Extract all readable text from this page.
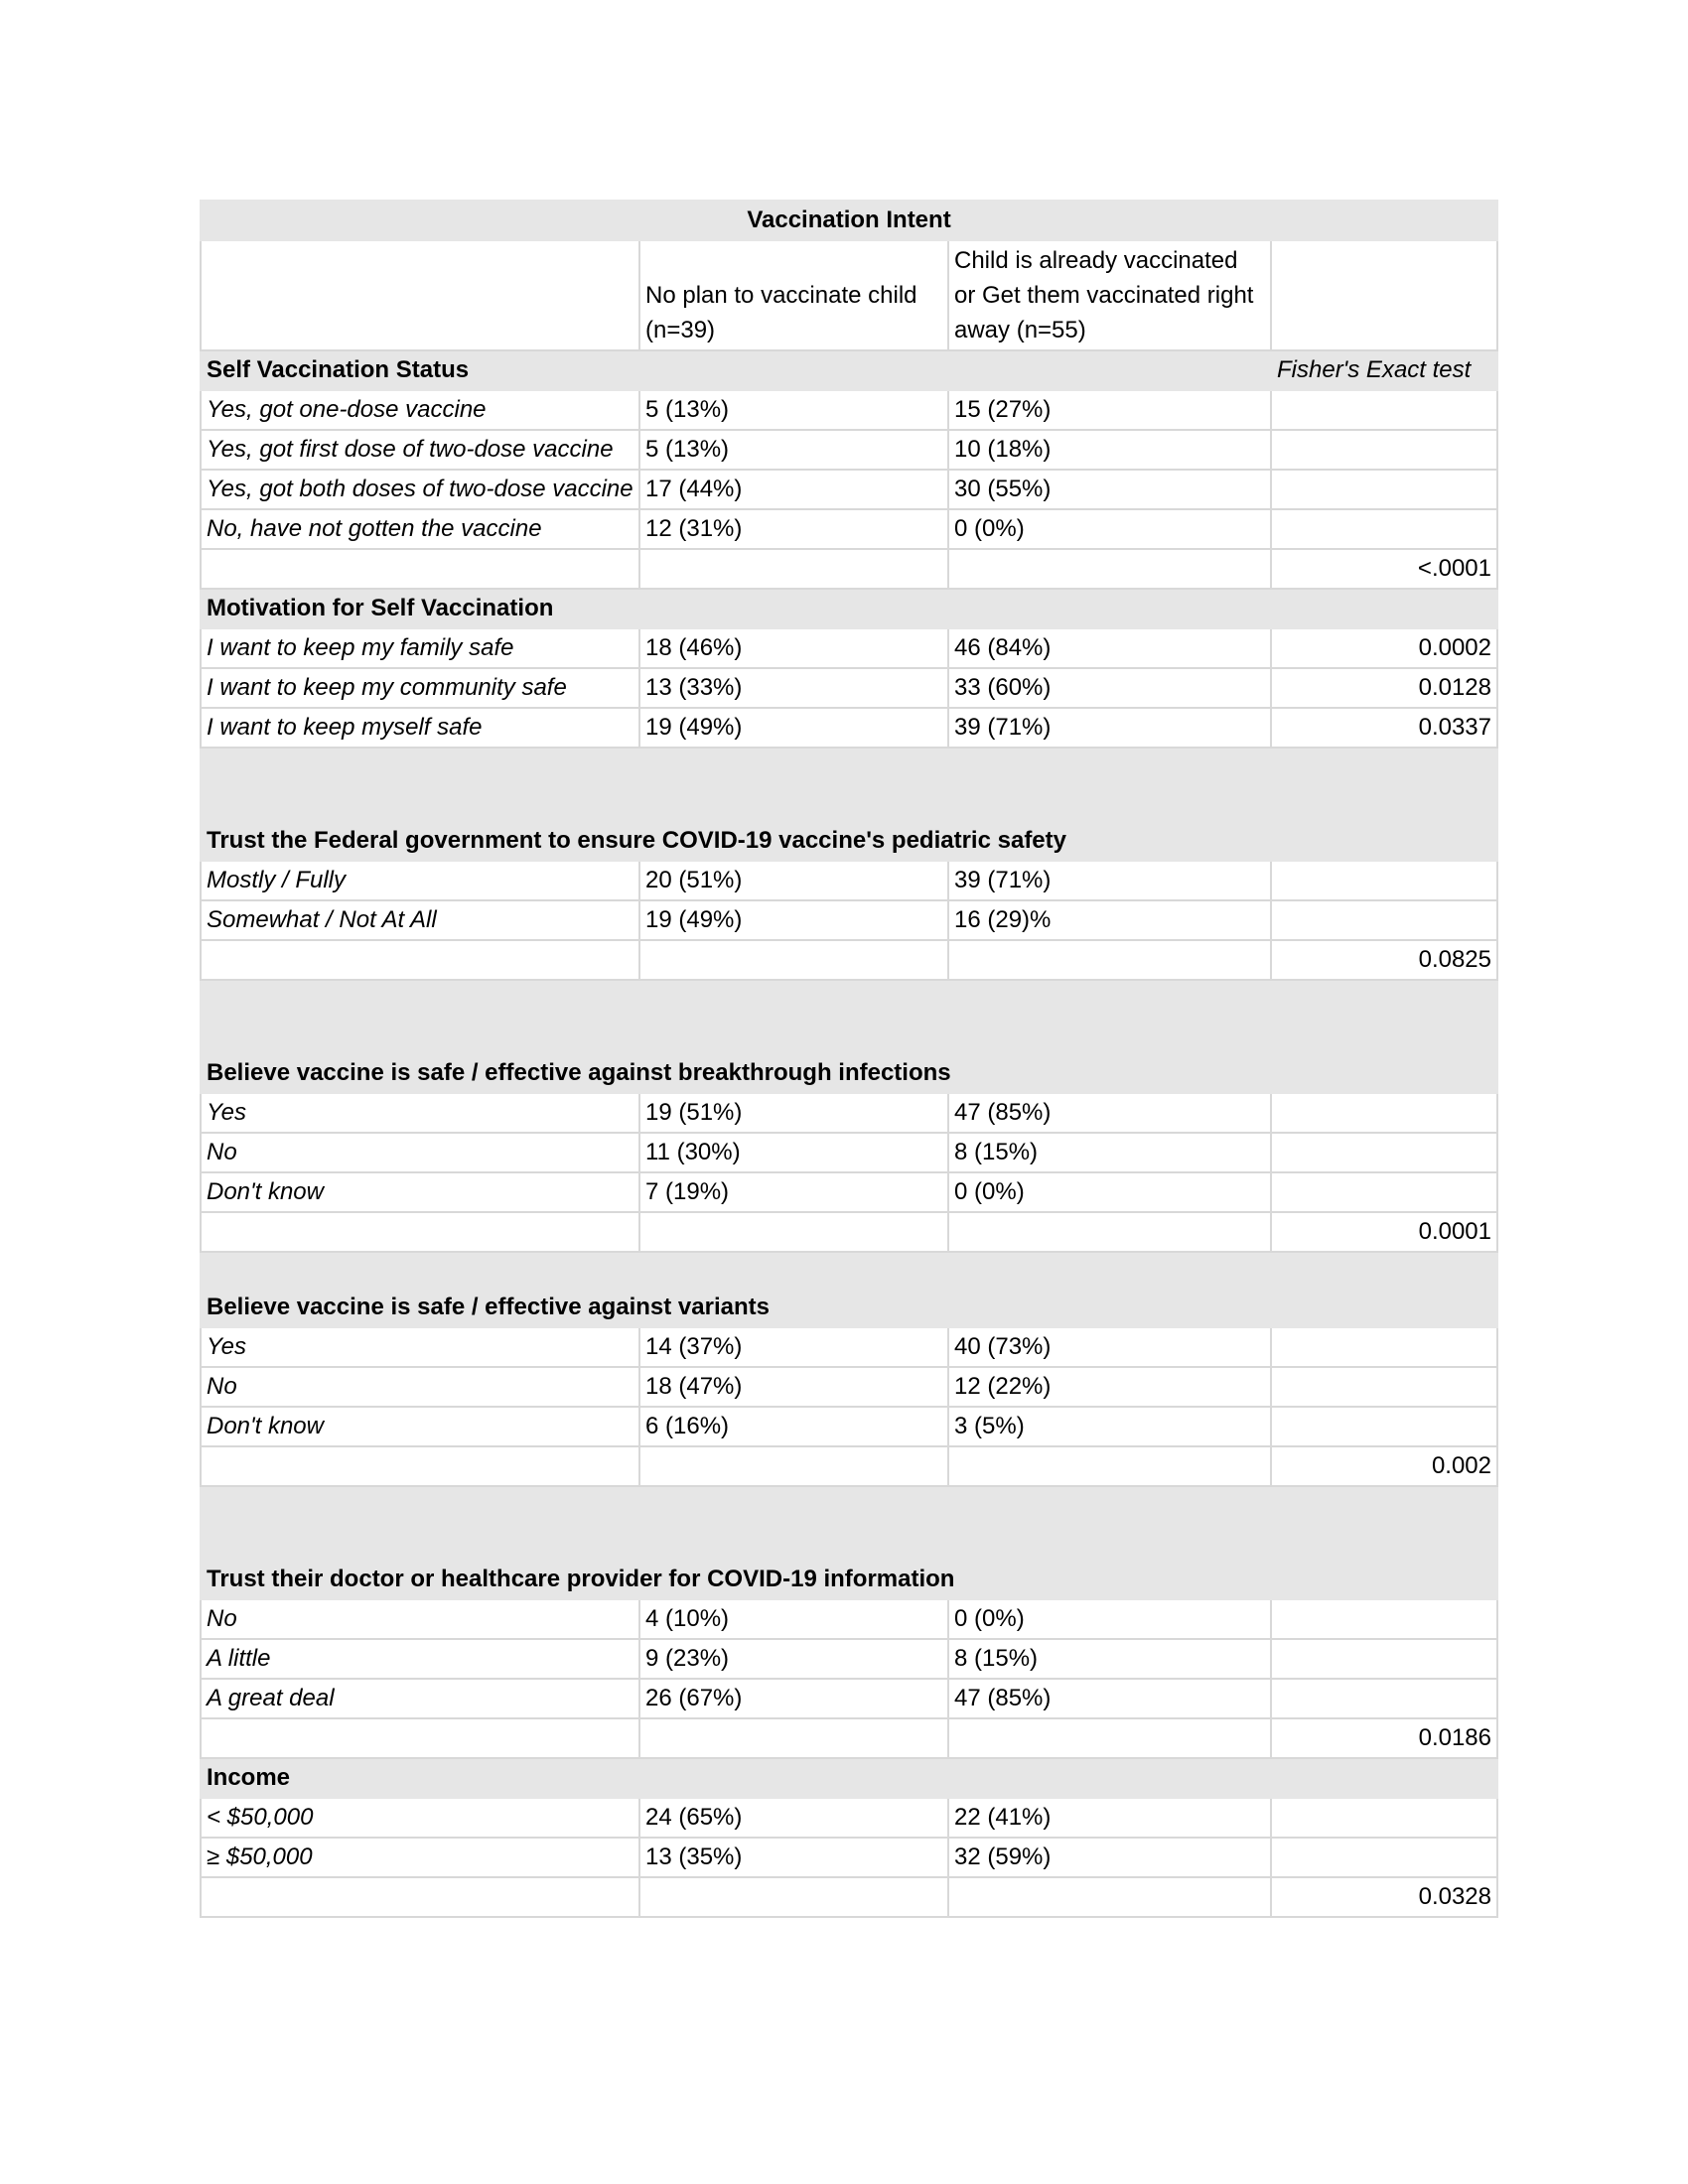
Vaccination Intent			
	No plan to vaccinate child (n=39)	Child is already vaccinated or Get them vaccinated right away (n=55)	
Self Vaccination Status			Fisher's Exact test
Yes, got one-dose vaccine	5 (13%)	15 (27%)	
Yes, got first dose of two-dose vaccine	5 (13%)	10 (18%)	
Yes, got both doses of two-dose vaccine	17 (44%)	30 (55%)	
No, have not gotten the vaccine	12 (31%)	0 (0%)	
			<.0001
Motivation for Self Vaccination			
I want to keep my family safe	18 (46%)	46 (84%)	0.0002
I want to keep my community safe	13 (33%)	33 (60%)	0.0128
I want to keep myself safe	19 (49%)	39 (71%)	0.0337
Trust the Federal government to ensure COVID-19 vaccine's pediatric safety			
Mostly / Fully	20 (51%)	39 (71%)	
Somewhat / Not At All	19 (49%)	16 (29)%	
			0.0825
Believe vaccine is safe / effective against breakthrough infections			
Yes	19 (51%)	47 (85%)	
No	11 (30%)	8 (15%)	
Don't know	7 (19%)	0 (0%)	
			0.0001
Believe vaccine is safe / effective against variants			
Yes	14 (37%)	40 (73%)	
No	18 (47%)	12 (22%)	
Don't know	6 (16%)	3 (5%)	
			0.002
Trust their doctor or healthcare provider for COVID-19 information			
No	4 (10%)	0 (0%)	
A little	9 (23%)	8 (15%)	
A great deal	26 (67%)	47 (85%)	
			0.0186
Income			
< $50,000	24 (65%)	22 (41%)	
≥ $50,000	13 (35%)	32 (59%)	
			0.0328
